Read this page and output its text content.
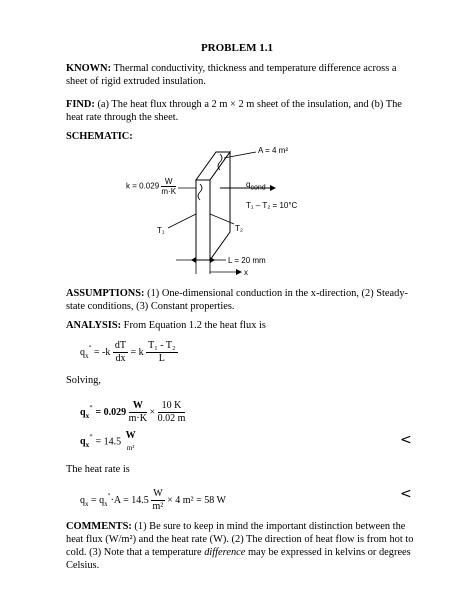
PROBLEM 1.1
KNOWN: Thermal conductivity, thickness and temperature difference across a sheet of rigid extruded insulation.
FIND: (a) The heat flux through a 2 m × 2 m sheet of the insulation, and (b) The heat rate through the sheet.
SCHEMATIC:
A = 4 m²
$k = 0.029 \frac{W}{m\cdot K}$	$q_{cond}$
T₁ – T₂ = 10°C
T₁	T₂
L = 20 mm
x
ASSUMPTIONS: (1) One-dimensional conduction in the x-direction, (2) Steady-state conditions, (3) Constant properties.
ANALYSIS: From Equation 1.2 the heat flux is
$q_x'' = -k \frac{dT}{dx} = k \frac{\text{T₁ - T₂}}{L}$
Solving,
$q_x'' = 0.029 \frac{W}{m\cdot K} \times \frac{10 K}{0.02 m}$
$q_x'' = 14.5$
W
m²	<
The heat rate is
$q_x = q_x''\cdot A = 14.5 \frac{W}{\text{m²}} \times 4$ m² = 58 W	<
COMMENTS: (1) Be sure to keep in mind the important distinction between the heat flux (W/m²) and the heat rate (W). (2) The direction of heat flow is from hot to cold. (3) Note that a temperature difference may be expressed in kelvins or degrees Celsius.
